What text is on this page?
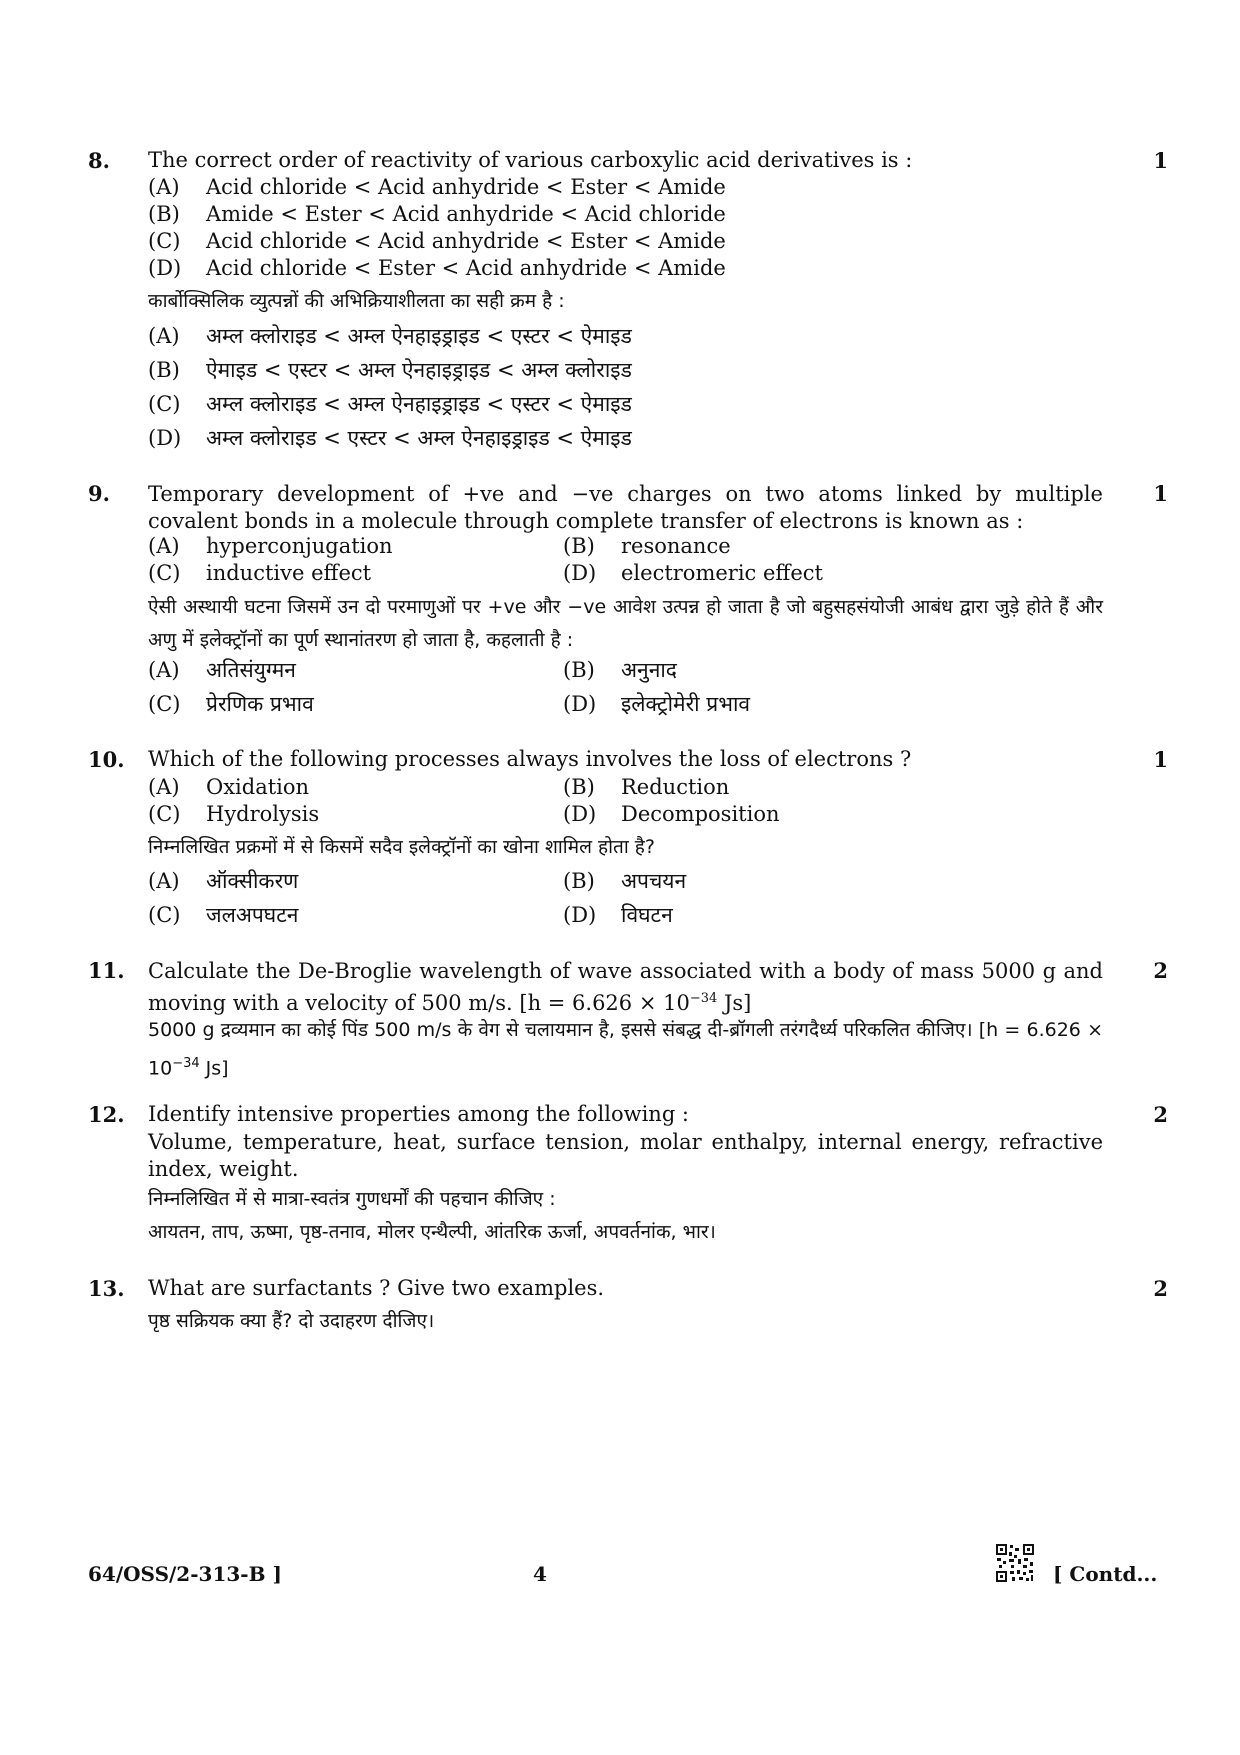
8.	1
The correct order of reactivity of various carboxylic acid derivatives is :
(A) Acid chloride < Acid anhydride < Ester < Amide
(B) Amide < Ester < Acid anhydride < Acid chloride
(C) Acid chloride < Acid anhydride < Ester < Amide
(D) Acid chloride < Ester < Acid anhydride < Amide
कार्बोक्सिलिक व्युत्पन्नों की अभिक्रियाशीलता का सही क्रम है :
(A) अम्ल क्लोराइड < अम्ल ऐनहाइड्राइड < एस्टर < ऐमाइड
(B) ऐमाइड < एस्टर < अम्ल ऐनहाइड्राइड < अम्ल क्लोराइड
(C) अम्ल क्लोराइड < अम्ल ऐनहाइड्राइड < एस्टर < ऐमाइड
(D) अम्ल क्लोराइड < एस्टर < अम्ल ऐनहाइड्राइड < ऐमाइड
9.	1
Temporary development of +ve and −ve charges on two atoms linked by multiple covalent bonds in a molecule through complete transfer of electrons is known as :
(A) hyperconjugation	(B) resonance
(C) inductive effect	(D) electromeric effect
ऐसी अस्थायी घटना जिसमें उन दो परमाणुओं पर +ve और −ve आवेश उत्पन्न हो जाता है जो बहुसहसंयोजी आबंध द्वारा जुड़े होते हैं और अणु में इलेक्ट्रॉनों का पूर्ण स्थानांतरण हो जाता है, कहलाती है :
(A) अतिसंयुग्मन	(B) अनुनाद
(C) प्रेरणिक प्रभाव	(D) इलेक्ट्रोमेरी प्रभाव
10.	1
Which of the following processes always involves the loss of electrons ?
(A) Oxidation	(B) Reduction
(C) Hydrolysis	(D) Decomposition
निम्नलिखित प्रक्रमों में से किसमें सदैव इलेक्ट्रॉनों का खोना शामिल होता है?
(A) ऑक्सीकरण	(B) अपचयन
(C) जलअपघटन	(D) विघटन
11.	2
Calculate the De-Broglie wavelength of wave associated with a body of mass 5000 g and moving with a velocity of 500 m/s. [$h = 6.626 \times 10^{-34}$ Js]
5000 g द्रव्यमान का कोई पिंड 500 m/s के वेग से चलायमान है, इससे संबद्ध दी-ब्रॉगली तरंगदैर्ध्य परिकलित कीजिए। [$h = 6.626 \times 10^{-34}$ Js]
12.	2
Identify intensive properties among the following :
Volume, temperature, heat, surface tension, molar enthalpy, internal energy, refractive index, weight.
निम्नलिखित में से मात्रा-स्वतंत्र गुणधर्मों की पहचान कीजिए :
आयतन, ताप, ऊष्मा, पृष्ठ-तनाव, मोलर एन्थैल्पी, आंतरिक ऊर्जा, अपवर्तनांक, भार।
13.	2
What are surfactants ? Give two examples.
पृष्ठ सक्रियक क्या हैं? दो उदाहरण दीजिए।
64/OSS/2-313-B ]	4	[ Contd...
